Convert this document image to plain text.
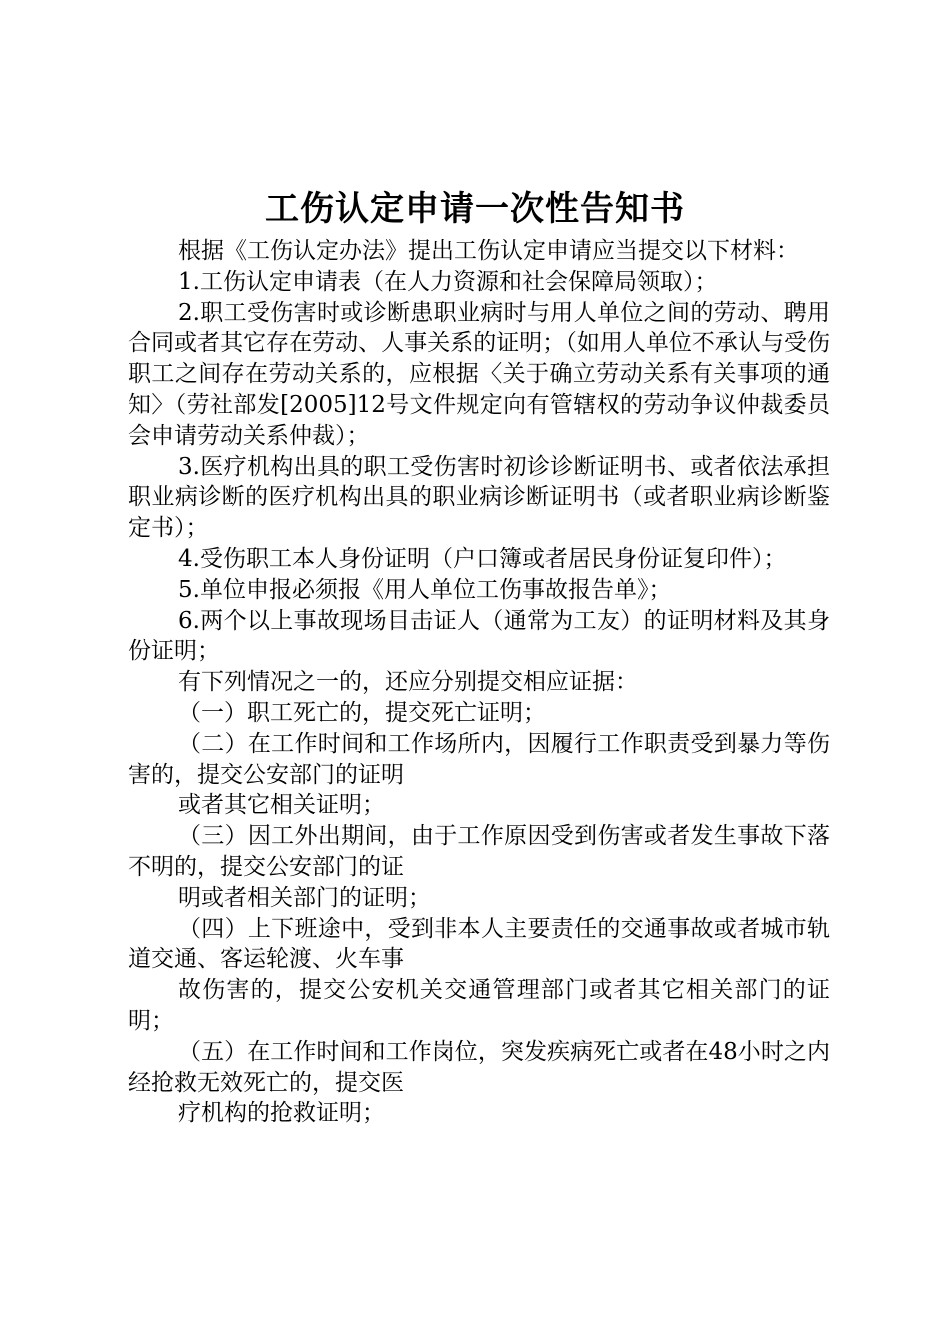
工伤认定申请一次性告知书

根据《工伤认定办法》提出工伤认定申请应当提交以下材料：

1.工伤认定申请表（在人力资源和社会保障局领取）；

2.职工受伤害时或诊断患职业病时与用人单位之间的劳动、聘用合同或者其它存在劳动、人事关系的证明；（如用人单位不承认与受伤职工之间存在劳动关系的，应根据〈关于确立劳动关系有关事项的通知〉（劳社部发[2005]12号文件规定向有管辖权的劳动争议仲裁委员会申请劳动关系仲裁）；

3.医疗机构出具的职工受伤害时初诊诊断证明书、或者依法承担职业病诊断的医疗机构出具的职业病诊断证明书（或者职业病诊断鉴定书）；

4.受伤职工本人身份证明（户口簿或者居民身份证复印件）；

5.单位申报必须报《用人单位工伤事故报告单》；

6.两个以上事故现场目击证人（通常为工友）的证明材料及其身份证明；

有下列情况之一的，还应分别提交相应证据：

（一）职工死亡的，提交死亡证明；

（二）在工作时间和工作场所内，因履行工作职责受到暴力等伤害的，提交公安部门的证明

或者其它相关证明；

（三）因工外出期间，由于工作原因受到伤害或者发生事故下落不明的，提交公安部门的证

明或者相关部门的证明；

（四）上下班途中，受到非本人主要责任的交通事故或者城市轨道交通、客运轮渡、火车事

故伤害的，提交公安机关交通管理部门或者其它相关部门的证明；

（五）在工作时间和工作岗位，突发疾病死亡或者在48小时之内经抢救无效死亡的，提交医

疗机构的抢救证明；
